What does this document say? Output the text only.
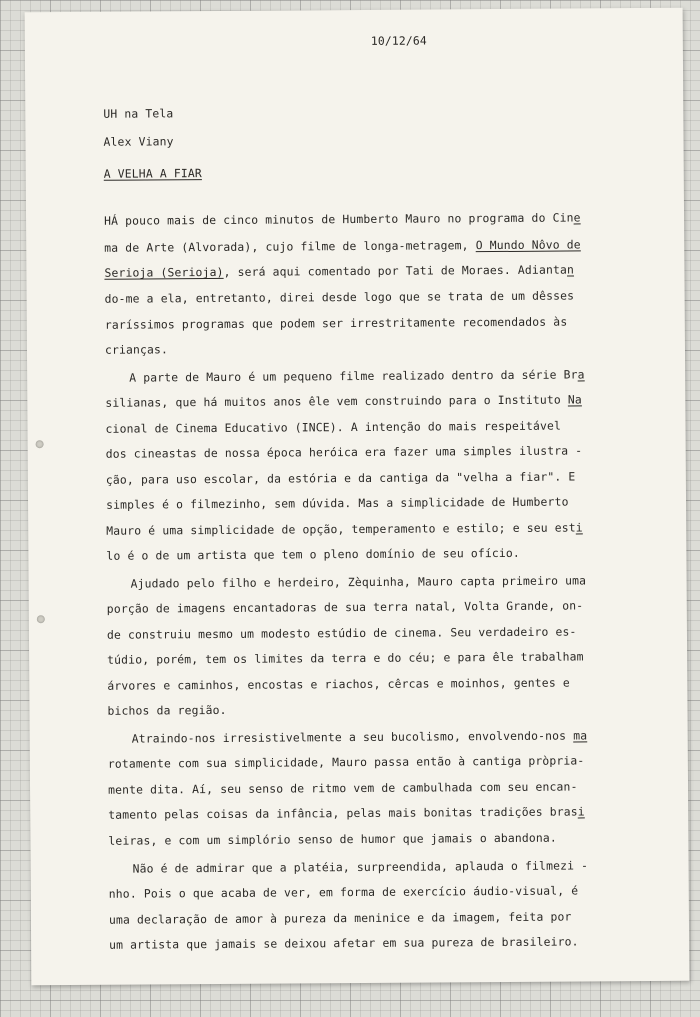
10/12/64
UH na Tela
Alex Viany
A VELHA A FIAR
HÁ pouco mais de cinco minutos de Humberto Mauro no programa do Cine
ma de Arte (Alvorada), cujo filme de longa-metragem, O Mundo Nôvo de
Serioja (Serioja), será aqui comentado por Tati de Moraes. Adiantan
do-me a ela, entretanto, direi desde logo que se trata de um dêsses
raríssimos programas que podem ser irrestritamente recomendados às
crianças.
A parte de Mauro é um pequeno filme realizado dentro da série Bra
silianas, que há muitos anos êle vem construindo para o Instituto Na
cional de Cinema Educativo (INCE). A intenção do mais respeitável
dos cineastas de nossa época heróica era fazer uma simples ilustra -
ção, para uso escolar, da estória e da cantiga da "velha a fiar". E
simples é o filmezinho, sem dúvida. Mas a simplicidade de Humberto
Mauro é uma simplicidade de opção, temperamento e estilo; e seu esti
lo é o de um artista que tem o pleno domínio de seu ofício.
Ajudado pelo filho e herdeiro, Zèquinha, Mauro capta primeiro uma
porção de imagens encantadoras de sua terra natal, Volta Grande, on-
de construiu mesmo um modesto estúdio de cinema. Seu verdadeiro es-
túdio, porém, tem os limites da terra e do céu; e para êle trabalham
árvores e caminhos, encostas e riachos, cêrcas e moinhos, gentes e
bichos da região.
Atraindo-nos irresistivelmente a seu bucolismo, envolvendo-nos ma
rotamente com sua simplicidade, Mauro passa então à cantiga pròpria-
mente dita. Aí, seu senso de ritmo vem de cambulhada com seu encan-
tamento pelas coisas da infância, pelas mais bonitas tradições brasi
leiras, e com um simplório senso de humor que jamais o abandona.
Não é de admirar que a platéia, surpreendida, aplauda o filmezi -
nho. Pois o que acaba de ver, em forma de exercício áudio-visual, é
uma declaração de amor à pureza da meninice e da imagem, feita por
um artista que jamais se deixou afetar em sua pureza de brasileiro.
